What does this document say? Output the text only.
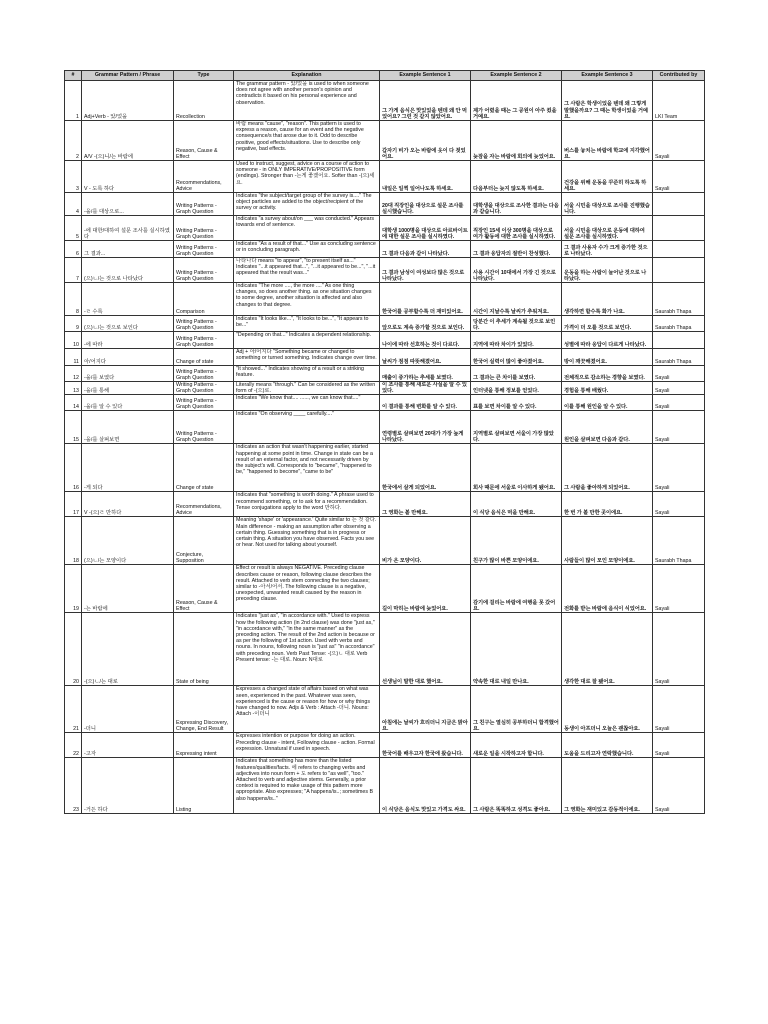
#	Grammar Pattern / Phrase	Type	Explanation	Example Sentence 1	Example Sentence 2	Example Sentence 3	Contributed by
1	Adj+Verb - 았/었을	Recollection	The grammar pattern - 았/었을 is used to when someone does not agree with another person's opinion and contradicts it based on his personal experience and observation.	그 가게 음식은 맛있었을 텐데 왜 안 먹었어요? 그런 것 같지 않았어요.	제가 어렸을 때는 그 공원이 아주 컸을 거예요.	그 사람은 학생이었을 텐데 왜 그렇게 말했을까요? 그 때는 학생이었을 거예요.	LKI Team
2	A/V -(으)니/는 바람에	Reason, Cause & Effect	바람 means "cause", "reason". This pattern is used to express a reason, cause for an event and the negative consequence/s that arose due to it. Odd to describe positive, good effects/situations. Use to describe only negative, bad effects.	갑자기 비가 오는 바람에 옷이 다 젖었어요.	늦잠을 자는 바람에 회의에 늦었어요.	버스를 놓치는 바람에 학교에 지각했어요.	Sayali
3	V - 도록 하다	Recommendations, Advice	Used to instruct, suggest, advice on a course of action to someone - in ONLY IMPERATIVE/PROPOSITIVE form (endings). Stronger than -는게 좋겠어요. Softer than -(으)세요.	내일은 일찍 일어나도록 하세요.	다음부터는 늦지 않도록 하세요.	건강을 위해 운동을 꾸준히 하도록 하세요.	Sayali
4	-을/를 대상으로...	Writing Patterns - Graph Question	Indicates "the subject/target group of the survey is...." The object particles are added to the object/recipient of the survey or activity.	20대 직장인을 대상으로 설문 조사를 실시했습니다.	대학생을 대상으로 조사한 결과는 다음과 같습니다.	서울 시민을 대상으로 조사를 진행했습니다.	
5	-에 대한/대하여 설문 조사를 실시하였다	Writing Patterns - Graph Question	Indicates "a survey about/on ___ was conducted." Appears towards end of sentence.	대학생 1000명을 대상으로 아르바이트에 대한 설문 조사를 실시하였다.	직장인 15세 이상 300명을 대상으로 여가 활동에 대한 조사를 실시하였다.	서울 시민을 대상으로 운동에 대하여 설문 조사를 실시하였다.	
6	그 결과...	Writing Patterns - Graph Question	Indicates "As a result of that..." Use as concluding sentence or in concluding paragraph.	그 결과 다음과 같이 나타났다.	그 결과 응답자의 절반이 찬성했다.	그 결과 사용자 수가 크게 증가한 것으로 나타났다.	
7	(으)ㄴ/는 것으로 나타났다	Writing Patterns - Graph Question	나타나다 means "to appear", "to present itself as..." Indicates "...it appeared that...", "...it appeared to be...", "...it appeared that the result was..."	그 결과 남성이 여성보다 많은 것으로 나타났다.	사용 시간이 10대에서 가장 긴 것으로 나타났다.	운동을 하는 사람이 늘어난 것으로 나타났다.	
8	-ㄹ 수록	Comparison	Indicates "The more ...., the more ...." As one thing changes, so does another thing. as one situation changes to some degree, another situation is affected and also changes to that degree.	한국어를 공부할수록 더 재미있어요.	시간이 지날수록 날씨가 추워져요.	생각하면 할수록 화가 나요.	Saurabh Thapa
9	(으)ㄴ/는 것으로 보인다	Writing Patterns - Graph Question	Indicates "It looks like...", "It looks to be...", "It appears to be..."	앞으로도 계속 증가할 것으로 보인다.	당분간 이 추세가 계속될 것으로 보인다.	가격이 더 오를 것으로 보인다.	Saurabh Thapa
10	-에 따라	Writing Patterns - Graph Question	"Depending on that..." Indicates a dependent relationship.	나이에 따라 선호하는 것이 다르다.	지역에 따라 차이가 있었다.	성별에 따라 응답이 다르게 나타났다.	
11	아/어지다	Change of state	Adj + 아/어지다 "Something became or changed to something or turned something. Indicates change over time.	날씨가 점점 따뜻해졌어요.	한국어 실력이 많이 좋아졌어요.	방이 깨끗해졌어요.	Saurabh Thapa
12	-을/를 보였다	Writing Patterns - Graph Question	"It showed..." Indicates showing of a result or a striking feature.	매출이 증가하는 추세를 보였다.	그 결과는 큰 차이를 보였다.	전체적으로 감소하는 경향을 보였다.	Sayali
13	-을/를 통해	Writing Patterns - Graph Question	Literally means "through." Can be considered as the written form of -(으)로.	이 조사를 통해 새로운 사실을 알 수 있었다.	인터넷을 통해 정보를 얻었다.	경험을 통해 배웠다.	Sayali
14	-을/를 알 수 있다	Writing Patterns - Graph Question	Indicates "We know that.... ......, we can know that...."	이 결과를 통해 변화를 알 수 있다.	표를 보면 차이를 알 수 있다.	이를 통해 원인을 알 수 있다.	Sayali
15	-을/를 살펴보면	Writing Patterns - Graph Question	Indicates "On observing ____ carefully...."	연령별로 살펴보면 20대가 가장 높게 나타났다.	지역별로 살펴보면 서울이 가장 많았다.	원인을 살펴보면 다음과 같다.	Sayali
16	-게 되다	Change of state	Indicates an action that wasn't happening earlier, started happening at some point in time. Change in state can be a result of an external factor, and not necessarily driven by the subject's will. Corresponds to "became", "happened to be," "happened to become", "came to be"	한국에서 살게 되었어요.	회사 때문에 서울로 이사하게 됐어요.	그 사람을 좋아하게 되었어요.	Sayali
17	V -(으)ㄹ 만하다	Recommendations, Advice	Indicates that "something is worth doing." A phrase used to recommend something, or to ask for a recommendation. Tense conjugations apply to the word 만하다.	그 영화는 볼 만해요.	이 식당 음식은 먹을 만해요.	한 번 가 볼 만한 곳이에요.	Sayali
18	(으)ㄴ/는 모양이다	Conjecture, Supposition	Meaning 'shape' or 'appearance.' Quite similar to 는 것 같다. Main difference - making an assumption after observing a certain thing. Guessing something that is in progress or certain thing. A situation you have observed. Facts you see or hear. Not used for talking about yourself.	비가 온 모양이다.	친구가 많이 바쁜 모양이에요.	사람들이 많이 모인 모양이에요.	Saurabh Thapa
19	-는 바람에	Reason, Cause & Effect	Effect or result is always NEGATIVE. Preceding clause describes cause or reason, following clause describes the result. Attached to verb stem connecting the two clauses; similar to -아서/어서. The following clause is a negative, unexpected, unwanted result caused by the reason in preceding clause.	길이 막히는 바람에 늦었어요.	감기에 걸리는 바람에 여행을 못 갔어요.	전화를 받는 바람에 음식이 식었어요.	Sayali
20	-(으)ㄴ/는 대로	State of being	Indicates "just as", "in accordance with." Used to express how the following action (in 2nd clause) was done "just as," "in accordance with," "in the same manner" as the preceding action. The result of the 2nd action is because or as per the following of 1st action. Used with verbs and nouns. In nouns, following noun is "just as" "in accordance" with preceding noun. Verb Past Tense: -(으)ㄴ 대로 Verb Present tense: -는 대로. Noun: N대로	선생님이 말한 대로 했어요.	약속한 대로 내일 만나요.	생각한 대로 잘 됐어요.	Sayali
21	-더니	Expressing Discovery, Change, End Result	Expresses a changed state of affairs based on what was seen, experienced in the past. Whatever was seen, experienced is the cause or reason for how or why things have changed to now. Adjs & Verb : Attach -더니. Nouns: Attach -이더니	아침에는 날씨가 흐리더니 지금은 맑아요.	그 친구는 열심히 공부하더니 합격했어요.	동생이 아프더니 오늘은 괜찮아요.	Sayali
22	-고자	Expressing intent	Expresses intention or purpose for doing an action. Preceding clause - intent, Following clause - action. Formal expression. Unnatural if used in speech.	한국어를 배우고자 한국에 왔습니다.	새로운 일을 시작하고자 합니다.	도움을 드리고자 연락했습니다.	Sayali
23	-거든 하다	Listing	Indicates that something has more than the listed features/qualities/facts. 에 refers to changing verbs and adjectives into noun form + 도 refers to "as well", "too." Attached to verb and adjective stems. Generally, a prior context is required to make usage of this pattern more appropriate. Also expresses; "A happens/is..; sometimes B also happens/is.."	이 식당은 음식도 맛있고 가격도 싸요.	그 사람은 똑똑하고 성격도 좋아요.	그 영화는 재미있고 감동적이에요.	Sayali
